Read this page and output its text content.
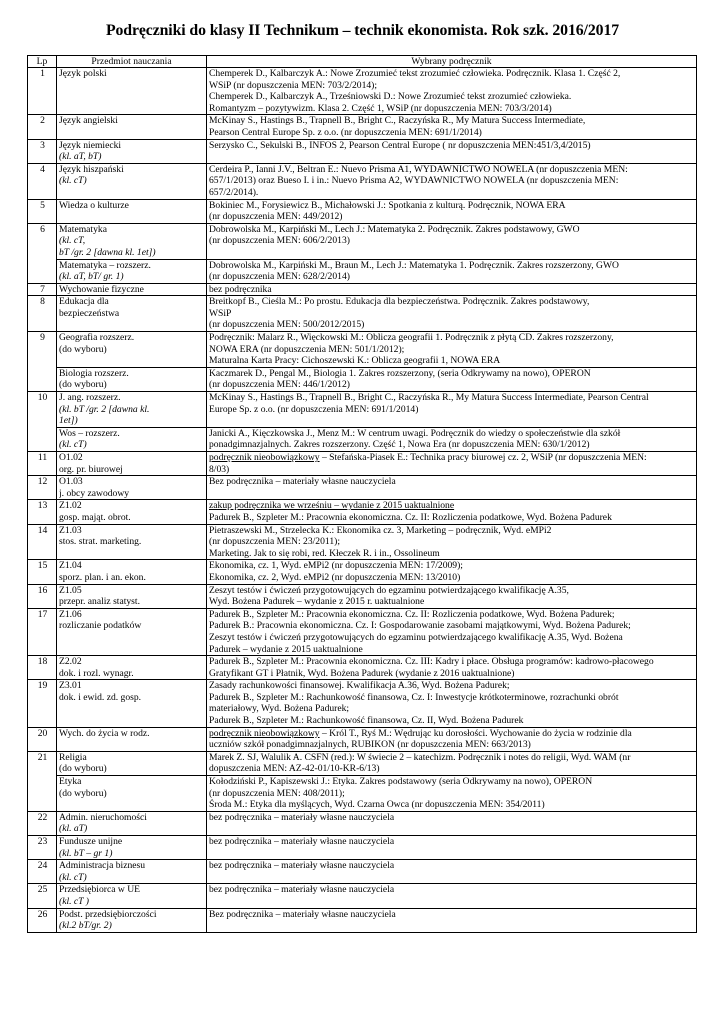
Podręczniki do klasy II Technikum – technik ekonomista. Rok szk. 2016/2017
Lp	Przedmiot nauczania	Wybrany podręcznik
1	Język polski	Chemperek D., Kalbarczyk A.: Nowe Zrozumieć tekst zrozumieć człowieka. Podręcznik. Klasa 1. Część 2,
WSiP (nr dopuszczenia MEN: 703/2/2014);
Chemperek D., Kalbarczyk A., Trześniowski D.: Nowe Zrozumieć tekst zrozumieć człowieka.
Romantyzm – pozytywizm. Klasa 2. Część 1, WSiP (nr dopuszczenia MEN: 703/3/2014)

2	Język angielski	McKinay S., Hastings B., Trapnell B., Bright C., Raczyńska R., My Matura Success Intermediate,
Pearson Central Europe Sp. z o.o. (nr dopuszczenia MEN: 691/1/2014)

3	Język niemiecki
(kl. aT, bT)	Serzysko C., Sekulski B., INFOS 2, Pearson Central Europe ( nr dopuszczenia MEN:451/3,4/2015)

4	Język hiszpański
(kl. cT)	Cerdeira P., Ianni J.V., Beltran E.: Nuevo Prisma A1, WYDAWNICTWO NOWELA (nr dopuszczenia MEN:
657/1/2013) oraz Bueso I. i in.: Nuevo Prisma A2, WYDAWNICTWO NOWELA (nr dopuszczenia MEN:
657/2/2014).

5	Wiedza o kulturze	Bokiniec M., Forysiewicz B., Michałowski J.: Spotkania z kulturą. Podręcznik, NOWA ERA
(nr dopuszczenia MEN: 449/2012)

6	Matematyka
(kl. cT,
bT /gr. 2 [dawna kl. 1et])	Dobrowolska M., Karpiński M., Lech J.: Matematyka 2. Podręcznik. Zakres podstawowy, GWO
(nr dopuszczenia MEN: 606/2/2013)

	Matematyka – rozszerz.
(kl. aT, bT/ gr. 1)	Dobrowolska M., Karpiński M., Braun M., Lech J.: Matematyka 1. Podręcznik. Zakres rozszerzony, GWO
(nr dopuszczenia MEN: 628/2/2014)

7	Wychowanie fizyczne	bez podręcznika

8	Edukacja dla
bezpieczeństwa	Breitkopf B., Cieśla M.: Po prostu. Edukacja dla bezpieczeństwa. Podręcznik. Zakres podstawowy,
WSiP
(nr dopuszczenia MEN: 500/2012/2015)

9	Geografia rozszerz.
(do wyboru)	Podręcznik: Malarz R., Więckowski M.: Oblicza geografii 1. Podręcznik z płytą CD. Zakres rozszerzony,
NOWA ERA (nr dopuszczenia MEN: 501/1/2012);
Maturalna Karta Pracy: Cichoszewski K.: Oblicza geografii 1, NOWA ERA

	Biologia rozszerz.
(do wyboru)	Kaczmarek D., Pengal M., Biologia 1. Zakres rozszerzony, (seria Odkrywamy na nowo), OPERON
(nr dopuszczenia MEN: 446/1/2012)

10	J. ang. rozszerz.
(kl. bT /gr. 2 [dawna kl.
1et])	McKinay S., Hastings B., Trapnell B., Bright C., Raczyńska R., My Matura Success Intermediate, Pearson Central
Europe Sp. z o.o. (nr dopuszczenia MEN: 691/1/2014)

	Wos – rozszerz.
(kl. cT)	Janicki A., Kięczkowska J., Menz M.: W centrum uwagi. Podręcznik do wiedzy o społeczeństwie dla szkół
ponadgimnazjalnych. Zakres rozszerzony. Część 1, Nowa Era (nr dopuszczenia MEN: 630/1/2012)

11	O1.02
org. pr. biurowej	podręcznik nieobowiązkowy – Stefańska-Piasek E.: Technika pracy biurowej cz. 2, WSiP (nr dopuszczenia MEN:
8/03)

12	O1.03
j. obcy zawodowy	Bez podręcznika – materiały własne nauczyciela

13	Z1.02
gosp. mająt. obrot.	zakup podręcznika we wrześniu – wydanie z 2015 uaktualnione
Padurek B., Szpleter M.: Pracownia ekonomiczna. Cz. II: Rozliczenia podatkowe, Wyd. Bożena Padurek

14	Z1.03
stos. strat. marketing.	Pietraszewski M., Strzelecka K.: Ekonomika cz. 3, Marketing – podręcznik, Wyd. eMPi2
(nr dopuszczenia MEN: 23/2011);
Marketing. Jak to się robi, red. Kłeczek R. i in., Ossolineum

15	Z1.04
sporz. plan. i an. ekon.	Ekonomika, cz. 1, Wyd. eMPi2 (nr dopuszczenia MEN: 17/2009);
Ekonomika, cz. 2, Wyd. eMPi2 (nr dopuszczenia MEN: 13/2010)

16	Z1.05
przepr. analiz statyst.	Zeszyt testów i ćwiczeń przygotowujących do egzaminu potwierdzającego kwalifikację A.35,
Wyd. Bożena Padurek – wydanie z 2015 r. uaktualnione

17	Z1.06
rozliczanie podatków	Padurek B., Szpleter M.: Pracownia ekonomiczna. Cz. II: Rozliczenia podatkowe, Wyd. Bożena Padurek;
Padurek B.: Pracownia ekonomiczna. Cz. I: Gospodarowanie zasobami majątkowymi, Wyd. Bożena Padurek;
Zeszyt testów i ćwiczeń przygotowujących do egzaminu potwierdzającego kwalifikację A.35, Wyd. Bożena
Padurek – wydanie z 2015 uaktualnione

18	Z2.02
dok. i rozl. wynagr.	Padurek B., Szpleter M.: Pracownia ekonomiczna. Cz. III: Kadry i płace. Obsługa programów: kadrowo-płacowego
Gratyfikant GT i Płatnik, Wyd. Bożena Padurek (wydanie z 2016 uaktualnione)

19	Z3.01
dok. i ewid. zd. gosp.	Zasady rachunkowości finansowej. Kwalifikacja A.36, Wyd. Bożena Padurek;
Padurek B., Szpleter M.: Rachunkowość finansowa, Cz. I: Inwestycje krótkoterminowe, rozrachunki obrót
materiałowy, Wyd. Bożena Padurek;
Padurek B., Szpleter M.: Rachunkowość finansowa, Cz. II, Wyd. Bożena Padurek

20	Wych. do życia w rodz.	podręcznik nieobowiązkowy – Król T., Ryś M.: Wędrując ku dorosłości. Wychowanie do życia w rodzinie dla
uczniów szkół ponadgimnazjalnych, RUBIKON (nr dopuszczenia MEN: 663/2013)

21	Religia
(do wyboru)	Marek Z. SJ, Walulik A. CSFN (red.): W świecie 2 – katechizm. Podręcznik i notes do religii, Wyd. WAM (nr
dopuszczenia MEN: AZ-42-01/10-KR-6/13)

	Etyka
(do wyboru)	Kołodziński P., Kapiszewski J.: Etyka. Zakres podstawowy (seria Odkrywamy na nowo), OPERON
(nr dopuszczenia MEN: 408/2011);
Środa M.: Etyka dla myślących, Wyd. Czarna Owca (nr dopuszczenia MEN: 354/2011)

22	Admin. nieruchomości
(kl. aT)	bez podręcznika – materiały własne nauczyciela

23	Fundusze unijne
(kl. bT – gr 1)	bez podręcznika – materiały własne nauczyciela

24	Administracja biznesu
(kl. cT)	bez podręcznika – materiały własne nauczyciela

25	Przedsiębiorca w UE
(kl. cT )	bez podręcznika – materiały własne nauczyciela

26	Podst. przedsiębiorczości
(kl.2 bT/gr. 2)	Bez podręcznika – materiały własne nauczyciela
